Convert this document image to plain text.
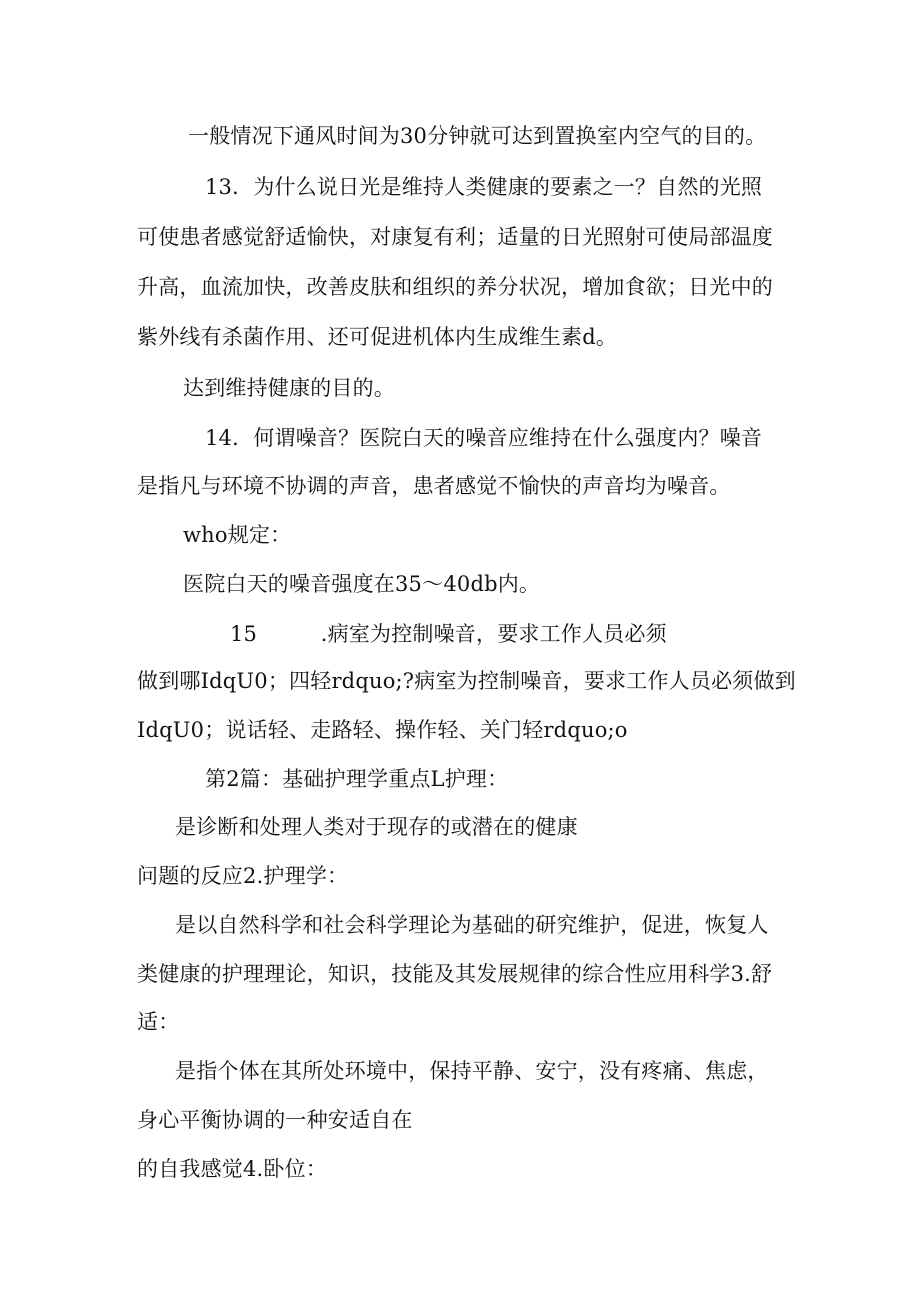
一般情况下通风时间为30分钟就可达到置换室内空气的目的。
13．为什么说日光是维持人类健康的要素之一？自然的光照
可使患者感觉舒适愉快，对康复有利；适量的日光照射可使局部温度
升高，血流加快，改善皮肤和组织的养分状况，增加食欲；日光中的
紫外线有杀菌作用、还可促进机体内生成维生素d。
达到维持健康的目的。
14．何谓噪音？医院白天的噪音应维持在什么强度内？噪音
是指凡与环境不协调的声音，患者感觉不愉快的声音均为噪音。
who规定：
医院白天的噪音强度在35～40db内。
15　　　.病室为控制噪音，要求工作人员必须
做到哪IdqU0；四轻rdquo;?病室为控制噪音，要求工作人员必须做到
IdqU0；说话轻、走路轻、操作轻、关门轻rdquo;o
第2篇：基础护理学重点L护理：
是诊断和处理人类对于现存的或潜在的健康
问题的反应2.护理学：
是以自然科学和社会科学理论为基础的研究维护，促进，恢复人
类健康的护理理论，知识，技能及其发展规律的综合性应用科学3.舒
适：
是指个体在其所处环境中，保持平静、安宁，没有疼痛、焦虑，
身心平衡协调的一种安适自在
的自我感觉4.卧位：
